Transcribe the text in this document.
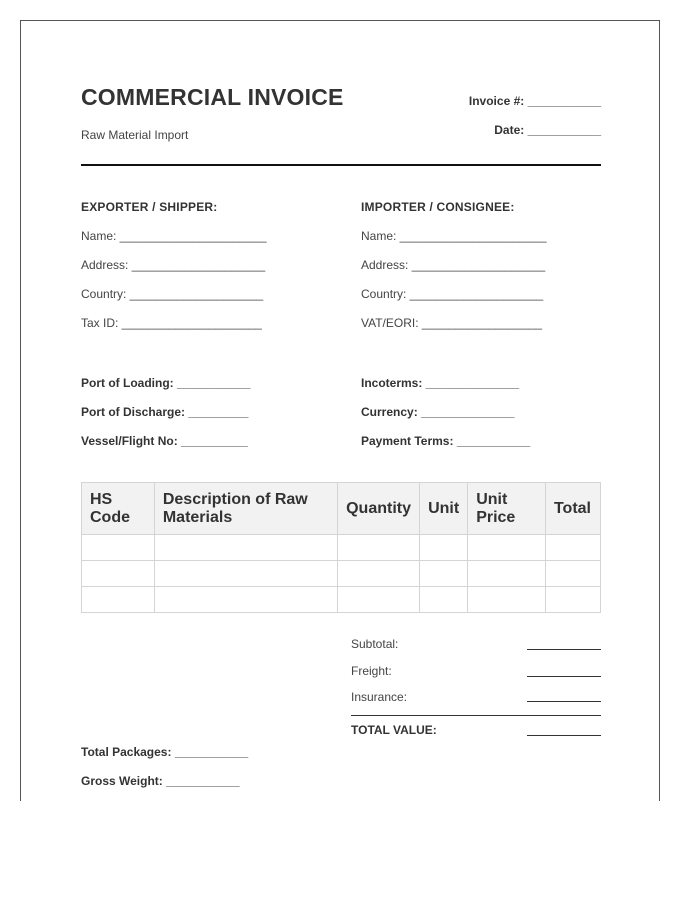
COMMERCIAL INVOICE
Raw Material Import
Invoice #: ___________
Date: ___________
EXPORTER / SHIPPER:
Name: ______________________
Address: ____________________
Country: ____________________
Tax ID: _____________________
IMPORTER / CONSIGNEE:
Name: ______________________
Address: ____________________
Country: ____________________
VAT/EORI: __________________
Port of Loading: ___________
Port of Discharge: _________
Vessel/Flight No: __________
Incoterms: ______________
Currency: ______________
Payment Terms: ___________
HS Code	Description of Raw Materials	Quantity	Unit	Unit Price	Total

Subtotal:
Freight:
Insurance:
TOTAL VALUE:
Total Packages: ___________
Gross Weight: ___________
